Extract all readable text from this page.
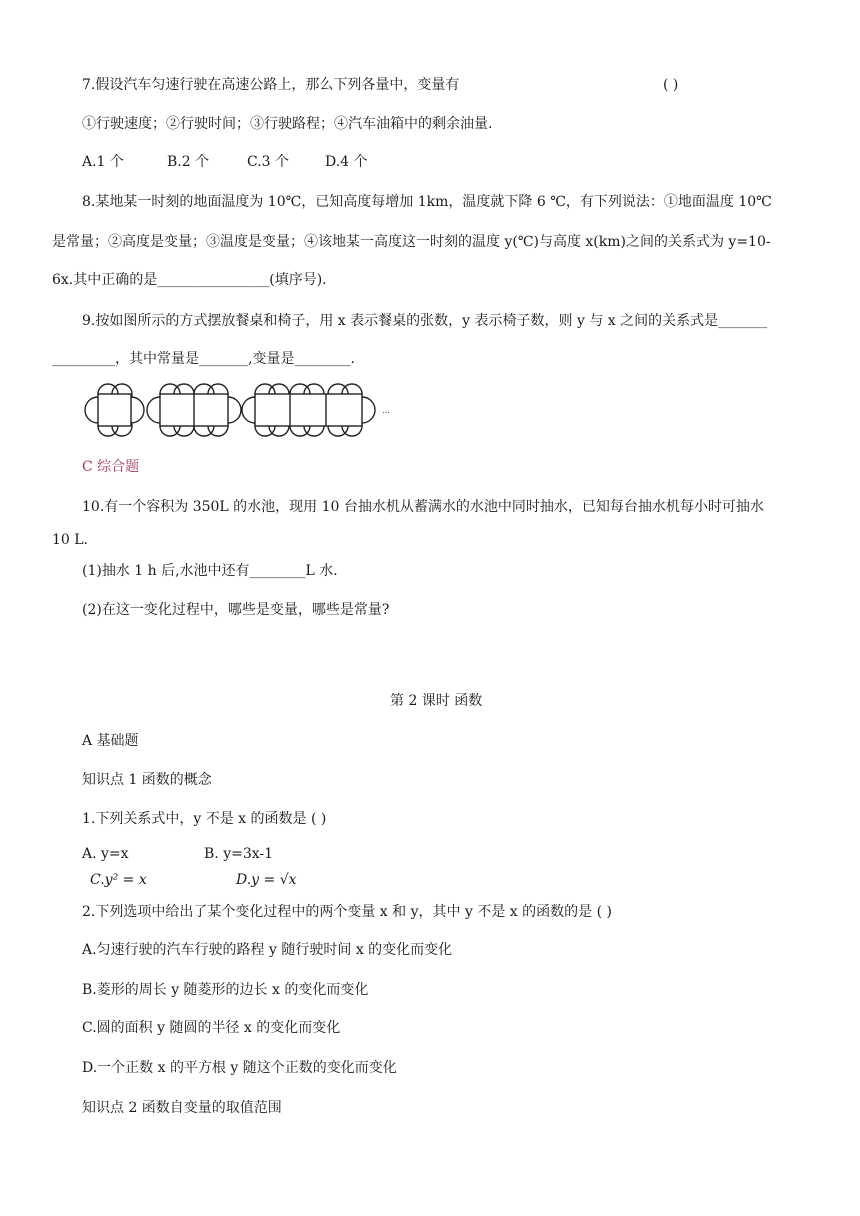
7.假设汽车匀速行驶在高速公路上，那么下列各量中，变量有	( )
①行驶速度；②行驶时间；③行驶路程；④汽车油箱中的剩余油量.
A.1 个	B.2 个	C.3 个	D.4 个
8.某地某一时刻的地面温度为 10℃，已知高度每增加 1km，温度就下降 6 ℃，有下列说法：①地面温度 10℃
是常量；②高度是变量；③温度是变量；④该地某一高度这一时刻的温度 y(℃)与高度 x(km)之间的关系式为 y=10-
6x.其中正确的是________________(填序号).
9.按如图所示的方式摆放餐桌和椅子，用 x 表示餐桌的张数，y 表示椅子数，则 y 与 x 之间的关系式是_______
_________，其中常量是_______,变量是________.
…
C 综合题
10.有一个容积为 350L 的水池，现用 10 台抽水机从蓄满水的水池中同时抽水，已知每台抽水机每小时可抽水
10 L.
(1)抽水 1 h 后,水池中还有________L 水.
(2)在这一变化过程中，哪些是变量，哪些是常量?
第 2 课时 函数
A 基础题
知识点 1 函数的概念
1.下列关系式中，y 不是 x 的函数是 ( )
A. y=x	B. y=3x-1
C.y² = x	D.y = √x
2.下列选项中给出了某个变化过程中的两个变量 x 和 y，其中 y 不是 x 的函数的是 ( )
A.匀速行驶的汽车行驶的路程 y 随行驶时间 x 的变化而变化
B.菱形的周长 y 随菱形的边长 x 的变化而变化
C.圆的面积 y 随圆的半径 x 的变化而变化
D.一个正数 x 的平方根 y 随这个正数的变化而变化
知识点 2 函数自变量的取值范围
